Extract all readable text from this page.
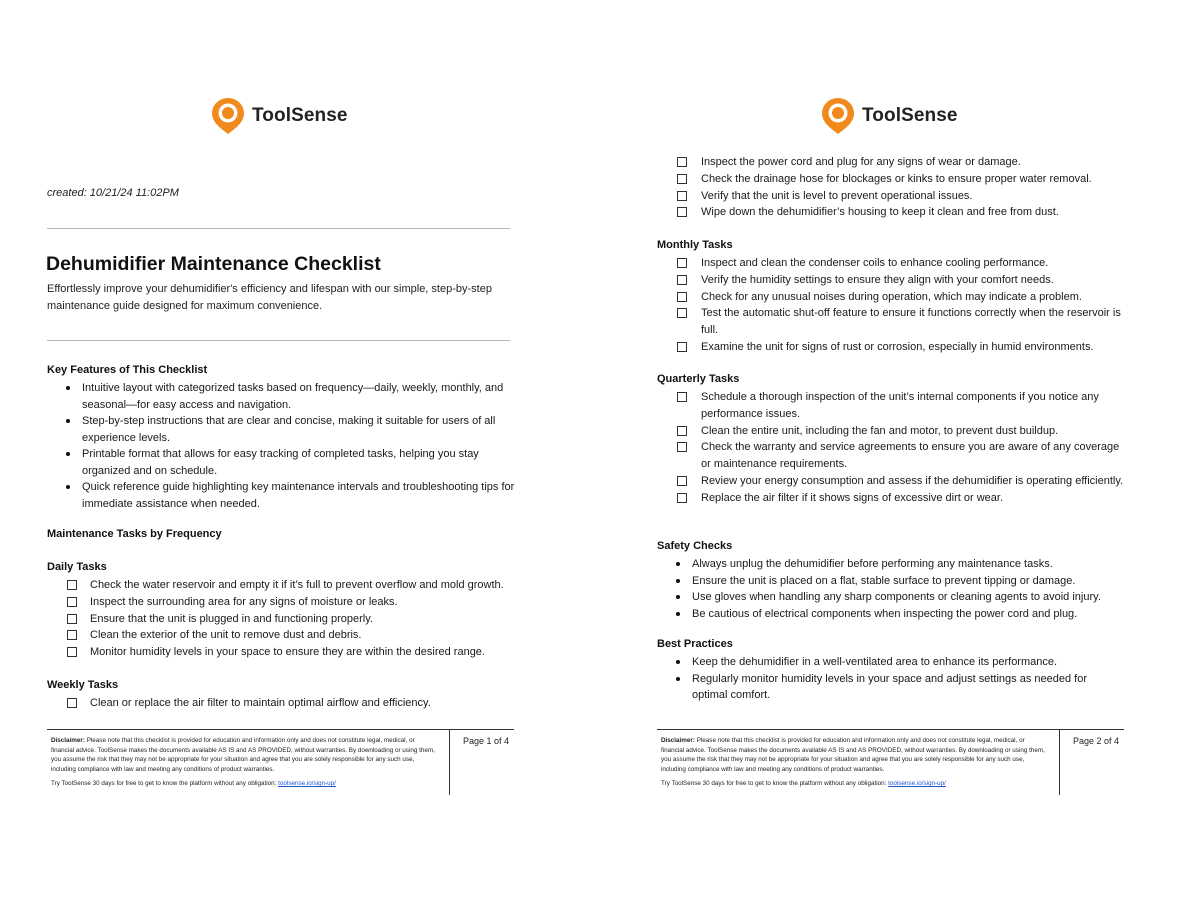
ToolSense
created: 10/21/24 11:02PM
Dehumidifier Maintenance Checklist

Effortlessly improve your dehumidifier's efficiency and lifespan with our simple, step-by-step maintenance guide designed for maximum convenience.

Key Features of This Checklist
Intuitive layout with categorized tasks based on frequency—daily, weekly, monthly, and seasonal—for easy access and navigation.
Step-by-step instructions that are clear and concise, making it suitable for users of all experience levels.
Printable format that allows for easy tracking of completed tasks, helping you stay organized and on schedule.
Quick reference guide highlighting key maintenance intervals and troubleshooting tips for immediate assistance when needed.
Maintenance Tasks by Frequency
Daily Tasks
Check the water reservoir and empty it if it’s full to prevent overflow and mold growth.
Inspect the surrounding area for any signs of moisture or leaks.
Ensure that the unit is plugged in and functioning properly.
Clean the exterior of the unit to remove dust and debris.
Monitor humidity levels in your space to ensure they are within the desired range.
Weekly Tasks
Clean or replace the air filter to maintain optimal airflow and efficiency.
Disclaimer: Please note that this checklist is provided for education and information only and does not constitute legal, medical, or financial advice. ToolSense makes the documents available AS IS and AS PROVIDED, without warranties. By downloading or using them, you assume the risk that they may not be appropriate for your situation and agree that you are solely responsible for any such use, including compliance with law and meeting any conditions of product warranties.
Try ToolSense 30 days for free to get to know the platform without any obligation: toolsense.io/sign-up/
Page 1 of 4
ToolSense
Inspect the power cord and plug for any signs of wear or damage.
Check the drainage hose for blockages or kinks to ensure proper water removal.
Verify that the unit is level to prevent operational issues.
Wipe down the dehumidifier’s housing to keep it clean and free from dust.
Monthly Tasks
Inspect and clean the condenser coils to enhance cooling performance.
Verify the humidity settings to ensure they align with your comfort needs.
Check for any unusual noises during operation, which may indicate a problem.
Test the automatic shut-off feature to ensure it functions correctly when the reservoir is full.
Examine the unit for signs of rust or corrosion, especially in humid environments.
Quarterly Tasks
Schedule a thorough inspection of the unit’s internal components if you notice any performance issues.
Clean the entire unit, including the fan and motor, to prevent dust buildup.
Check the warranty and service agreements to ensure you are aware of any coverage or maintenance requirements.
Review your energy consumption and assess if the dehumidifier is operating efficiently.
Replace the air filter if it shows signs of excessive dirt or wear.
Safety Checks
Always unplug the dehumidifier before performing any maintenance tasks.
Ensure the unit is placed on a flat, stable surface to prevent tipping or damage.
Use gloves when handling any sharp components or cleaning agents to avoid injury.
Be cautious of electrical components when inspecting the power cord and plug.
Best Practices
Keep the dehumidifier in a well-ventilated area to enhance its performance.
Regularly monitor humidity levels in your space and adjust settings as needed for optimal comfort.
Disclaimer: Please note that this checklist is provided for education and information only and does not constitute legal, medical, or financial advice. ToolSense makes the documents available AS IS and AS PROVIDED, without warranties. By downloading or using them, you assume the risk that they may not be appropriate for your situation and agree that you are solely responsible for any such use, including compliance with law and meeting any conditions of product warranties.
Try ToolSense 30 days for free to get to know the platform without any obligation: toolsense.io/sign-up/
Page 2 of 4
